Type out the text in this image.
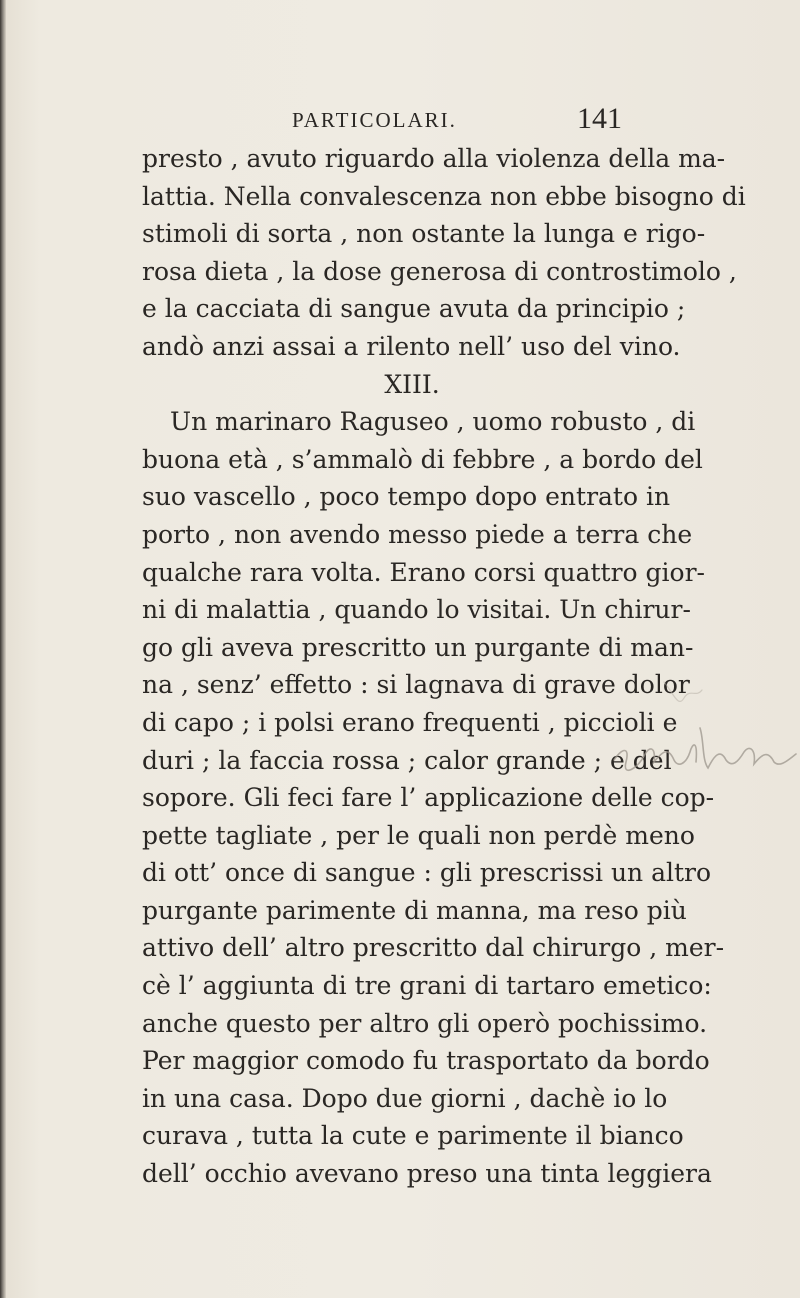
PARTICOLARI.	141
presto , avuto riguardo alla violenza della ma-
lattia. Nella convalescenza non ebbe bisogno di
stimoli di sorta , non ostante la lunga e rigo-
rosa dieta , la dose generosa di controstimolo ,
e la cacciata di sangue avuta da principio ;
andò anzi assai a rilento nell’ uso del vino.
XIII.
Un marinaro Raguseo , uomo robusto , di
buona età , s’ammalò di febbre , a bordo del
suo vascello , poco tempo dopo entrato in
porto , non avendo messo piede a terra che
qualche rara volta. Erano corsi quattro gior-
ni di malattia , quando lo visitai. Un chirur-
go gli aveva prescritto un purgante di man-
na , senz’ effetto : si lagnava di grave dolor
di capo ; i polsi erano frequenti , piccioli e
duri ; la faccia rossa ; calor grande ; e del
sopore. Gli feci fare l’ applicazione delle cop-
pette tagliate , per le quali non perdè meno
di ott’ once di sangue : gli prescrissi un altro
purgante parimente di manna, ma reso più
attivo dell’ altro prescritto dal chirurgo , mer-
cè l’ aggiunta di tre grani di tartaro emetico:
anche questo per altro gli operò pochissimo.
Per maggior comodo fu trasportato da bordo
in una casa. Dopo due giorni , dachè io lo
curava , tutta la cute e parimente il bianco
dell’ occhio avevano preso una tinta leggiera
